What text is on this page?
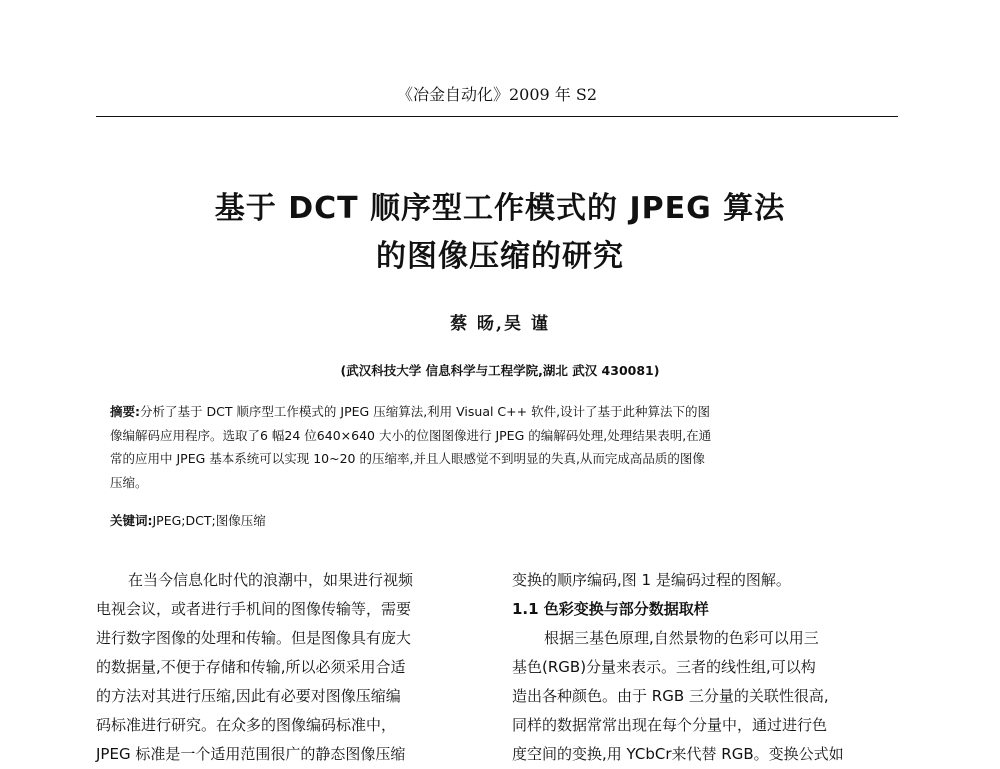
《冶金自动化》2009 年 S2
基于 DCT 顺序型工作模式的 JPEG 算法
的图像压缩的研究
蔡 旸,吴 谨
(武汉科技大学 信息科学与工程学院,湖北 武汉 430081)
摘要:分析了基于 DCT 顺序型工作模式的 JPEG 压缩算法,利用 Visual C++ 软件,设计了基于此种算法下的图
像编解码应用程序。选取了6 幅24 位640×640 大小的位图图像进行 JPEG 的编解码处理,处理结果表明,在通
常的应用中 JPEG 基本系统可以实现 10~20 的压缩率,并且人眼感觉不到明显的失真,从而完成高品质的图像
压缩。
关键词:JPEG;DCT;图像压缩
在当今信息化时代的浪潮中，如果进行视频
电视会议，或者进行手机间的图像传输等，需要
进行数字图像的处理和传输。但是图像具有庞大
的数据量,不便于存储和传输,所以必须采用合适
的方法对其进行压缩,因此有必要对图像压缩编
码标准进行研究。在众多的图像编码标准中，
JPEG 标准是一个适用范围很广的静态图像压缩
变换的顺序编码,图 1 是编码过程的图解。
1.1 色彩变换与部分数据取样
根据三基色原理,自然景物的色彩可以用三
基色(RGB)分量来表示。三者的线性组,可以构
造出各种颜色。由于 RGB 三分量的关联性很高,
同样的数据常常出现在每个分量中，通过进行色
度空间的变换,用 YCbCr来代替 RGB。变换公式如
